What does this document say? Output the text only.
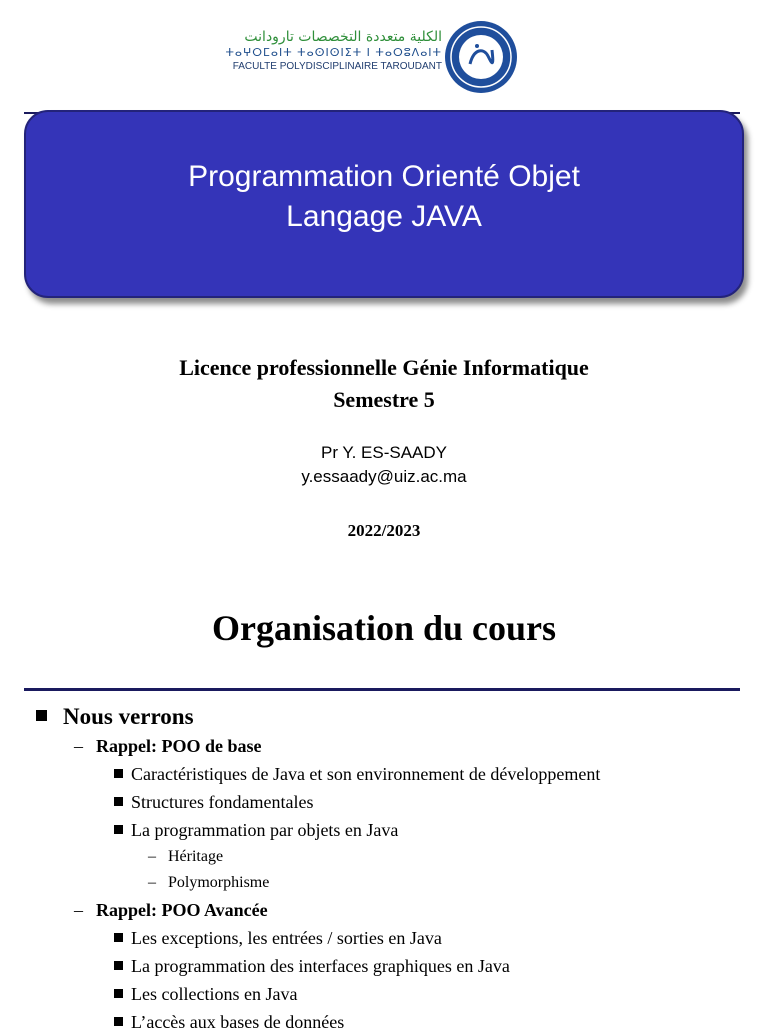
الكلية متعددة التخصصات تارودانت
ⵜⴰⵖⵔⵎⴰⵏⵜ ⵜⴰⵙⵏⵙⵏⵉⵜ ⵏ ⵜⴰⵔⵓⴷⴰⵏⵜ
FACULTE POLYDISCIPLINAIRE TAROUDANT
Programmation Orienté Objet
Langage JAVA
Licence professionnelle Génie Informatique
Semestre 5
Pr Y. ES-SAADY
y.essaady@uiz.ac.ma
2022/2023
Organisation du cours
Nous verrons
– Rappel: POO de base
Caractéristiques de Java et son environnement de développement
Structures fondamentales
La programmation par objets en Java
– Héritage
– Polymorphisme
– Rappel: POO Avancée
Les exceptions, les entrées / sorties en Java
La programmation des interfaces graphiques en Java
Les collections en Java
L’accès aux bases de données
